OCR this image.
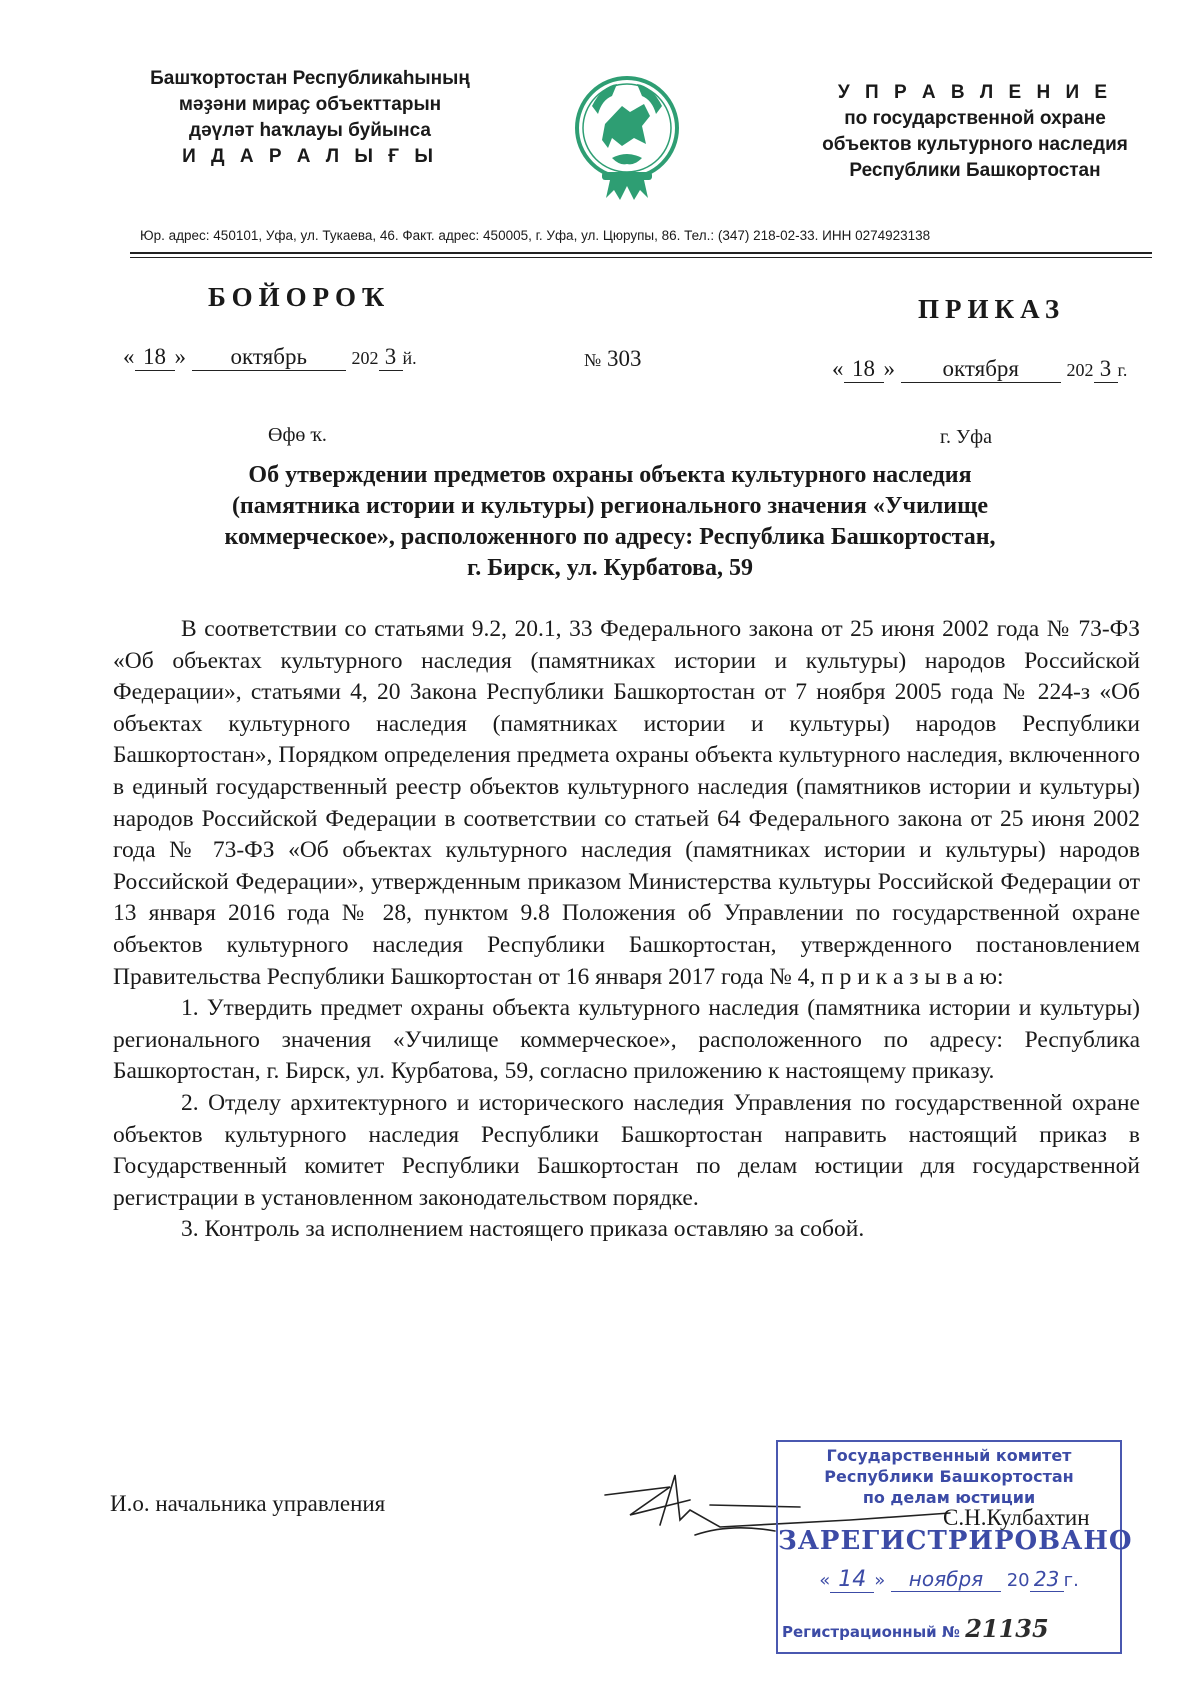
Башҡортостан Республикаһының
мәҙәни мираҫ объекттарын
дәүләт һаҡлауы буйынса
И Д А Р А Л Ы Ғ Ы
У П Р А В Л Е Н И Е
по государственной охране
объектов культурного наследия
Республики Башкортостан
Юр. адрес: 450101, Уфа, ул. Тукаева, 46. Факт. адрес: 450005, г. Уфа, ул. Цюрупы, 86. Тел.: (347) 218-02-33. ИНН 0274923138
БОЙОРОҠ	ПРИКАЗ
« 18 » октябрь 202 3 й.	№ 303	« 18 » октября	202 3 г.
Өфө ҡ.	г. Уфа
Об утверждении предметов охраны объекта культурного наследия
(памятника истории и культуры) регионального значения «Училище
коммерческое», расположенного по адресу: Республика Башкортостан,
г. Бирск, ул. Курбатова, 59

В соответствии со статьями 9.2, 20.1, 33 Федерального закона от 25 июня 2002 года № 73-ФЗ «Об объектах культурного наследия (памятниках истории и культуры) народов Российской Федерации», статьями 4, 20 Закона Республики Башкортостан от 7 ноября 2005 года № 224-з «Об объектах культурного наследия (памятниках истории и культуры) народов Республики Башкортостан», Порядком определения предмета охраны объекта культурного наследия, включенного в единый государственный реестр объектов культурного наследия (памятников истории и культуры) народов Российской Федерации в соответствии со статьей 64 Федерального закона от 25 июня 2002 года № 73-ФЗ «Об объектах культурного наследия (памятниках истории и культуры) народов Российской Федерации», утвержденным приказом Министерства культуры Российской Федерации от 13 января 2016 года № 28, пунктом 9.8 Положения об Управлении по государственной охране объектов культурного наследия Республики Башкортостан, утвержденного постановлением Правительства Республики Башкортостан от 16 января 2017 года № 4, п р и к а з ы в а ю:

1. Утвердить предмет охраны объекта культурного наследия (памятника истории и культуры) регионального значения «Училище коммерческое», расположенного по адресу: Республика Башкортостан, г. Бирск, ул. Курбатова, 59, согласно приложению к настоящему приказу.

2. Отделу архитектурного и исторического наследия Управления по государственной охране объектов культурного наследия Республики Башкортостан направить настоящий приказ в Государственный комитет Республики Башкортостан по делам юстиции для государственной регистрации в установленном законодательством порядке.

3. Контроль за исполнением настоящего приказа оставляю за собой.

И.о. начальника управления
Государственный комитет
Республики Башкортостан
по делам юстиции
ЗАРЕГИСТРИРОВАНО
« 14 » ноября 20 23 г.
Регистрационный № 21135
С.Н.Кулбахтин
